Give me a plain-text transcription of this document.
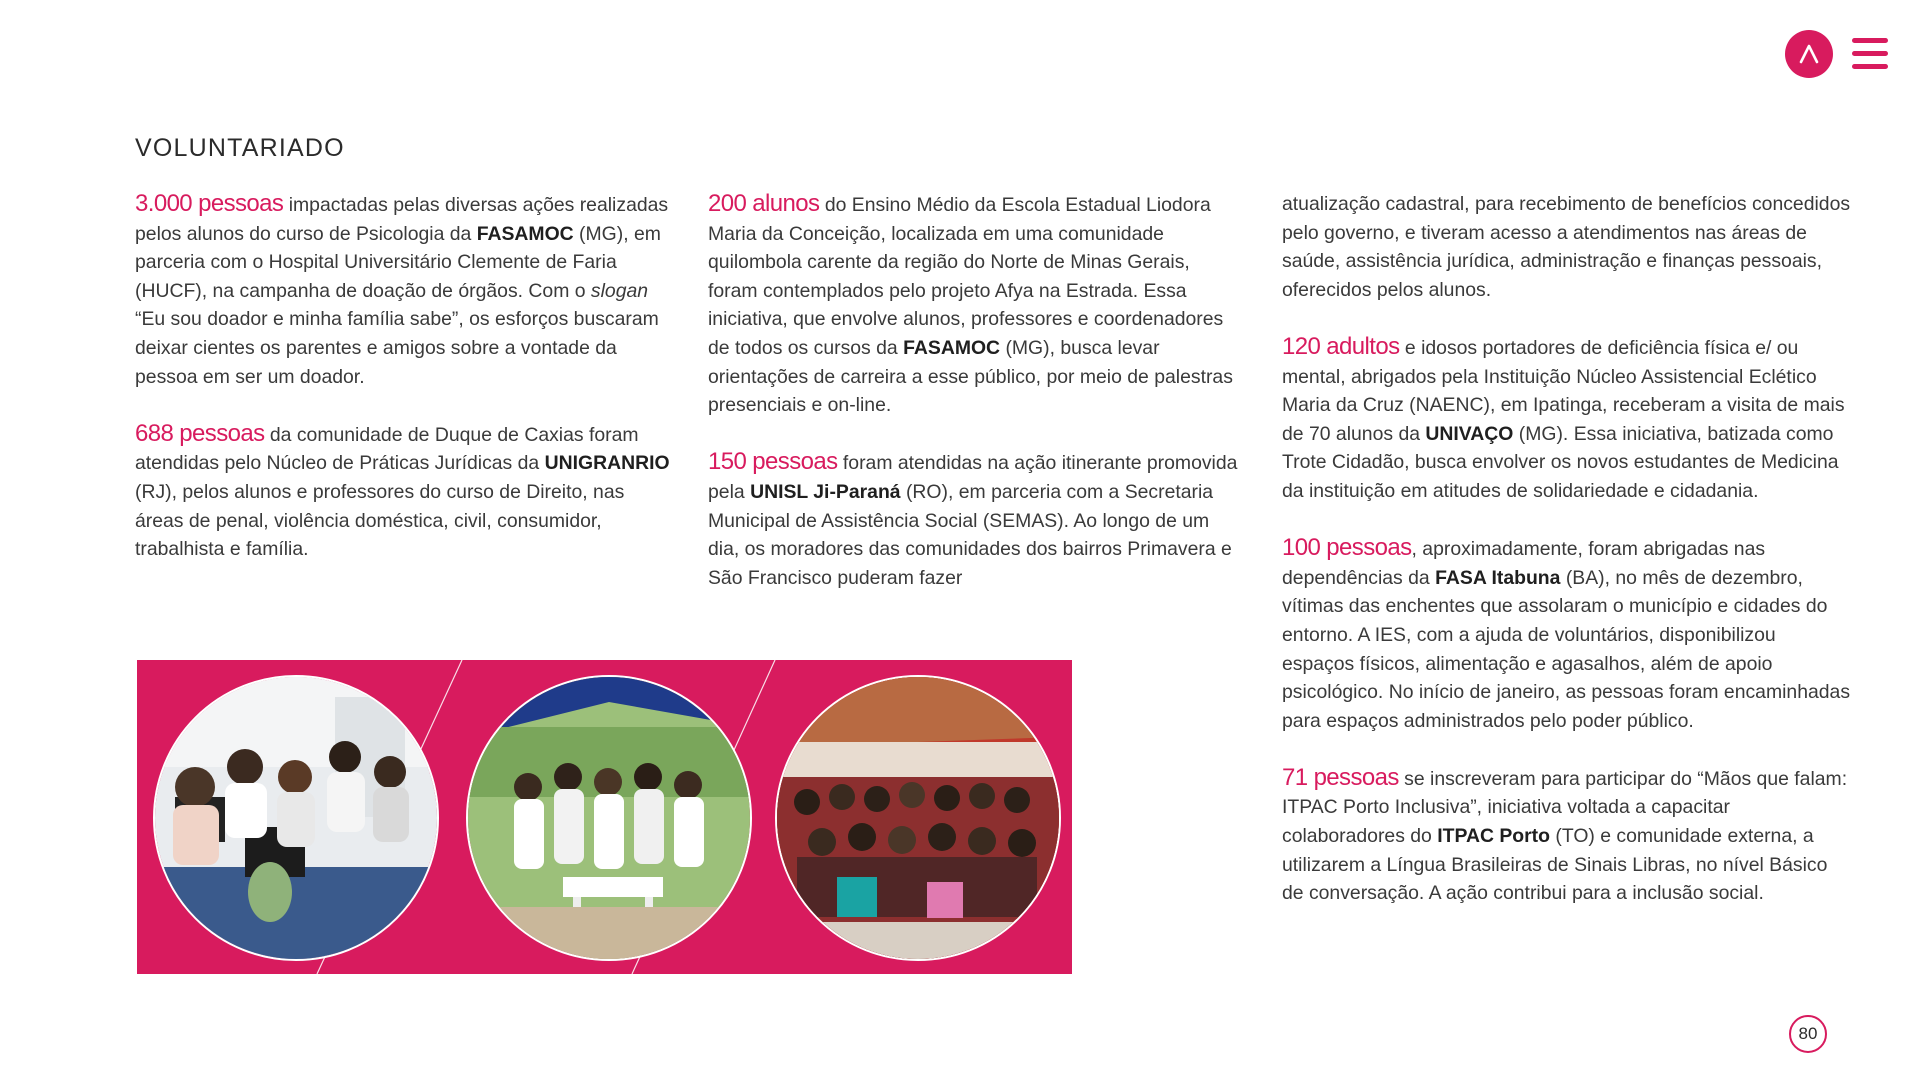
VOLUNTARIADO

3.000 pessoas impactadas pelas diversas ações realizadas pelos alunos do curso de Psicologia da FASAMOC (MG), em parceria com o Hospital Universitário Clemente de Faria (HUCF), na campanha de doação de órgãos. Com o slogan “Eu sou doador e minha família sabe”, os esforços buscaram deixar cientes os parentes e amigos sobre a vontade da pessoa em ser um doador.

688 pessoas da comunidade de Duque de Caxias foram atendidas pelo Núcleo de Práticas Jurídicas da UNIGRANRIO (RJ), pelos alunos e professores do curso de Direito, nas áreas de penal, violência doméstica, civil, consumidor, trabalhista e família.

200 alunos do Ensino Médio da Escola Estadual Liodora Maria da Conceição, localizada em uma comunidade quilombola carente da região do Norte de Minas Gerais, foram contemplados pelo projeto Afya na Estrada. Essa iniciativa, que envolve alunos, professores e coordenadores de todos os cursos da FASAMOC (MG), busca levar orientações de carreira a esse público, por meio de palestras presenciais e on-line.

150 pessoas foram atendidas na ação itinerante promovida pela UNISL Ji-Paraná (RO), em parceria com a Secretaria Municipal de Assistência Social (SEMAS). Ao longo de um dia, os moradores das comunidades dos bairros Primavera e São Francisco puderam fazer

atualização cadastral, para recebimento de benefícios concedidos pelo governo, e tiveram acesso a atendimentos nas áreas de saúde, assistência jurídica, administração e finanças pessoais, oferecidos pelos alunos.

120 adultos e idosos portadores de deficiência física e/ ou mental, abrigados pela Instituição Núcleo Assistencial Eclético Maria da Cruz (NAENC), em Ipatinga, receberam a visita de mais de 70 alunos da UNIVAÇO (MG). Essa iniciativa, batizada como Trote Cidadão, busca envolver os novos estudantes de Medicina da instituição em atitudes de solidariedade e cidadania.

100 pessoas, aproximadamente, foram abrigadas nas dependências da FASA Itabuna (BA), no mês de dezembro, vítimas das enchentes que assolaram o município e cidades do entorno. A IES, com a ajuda de voluntários, disponibilizou espaços físicos, alimentação e agasalhos, além de apoio psicológico. No início de janeiro, as pessoas foram encaminhadas para espaços administrados pelo poder público.

71 pessoas se inscreveram para participar do “Mãos que falam: ITPAC Porto Inclusiva”, iniciativa voltada a capacitar colaboradores do ITPAC Porto (TO) e comunidade externa, a utilizarem a Língua Brasileiras de Sinais Libras, no nível Básico de conversação. A ação contribui para a inclusão social.

80
